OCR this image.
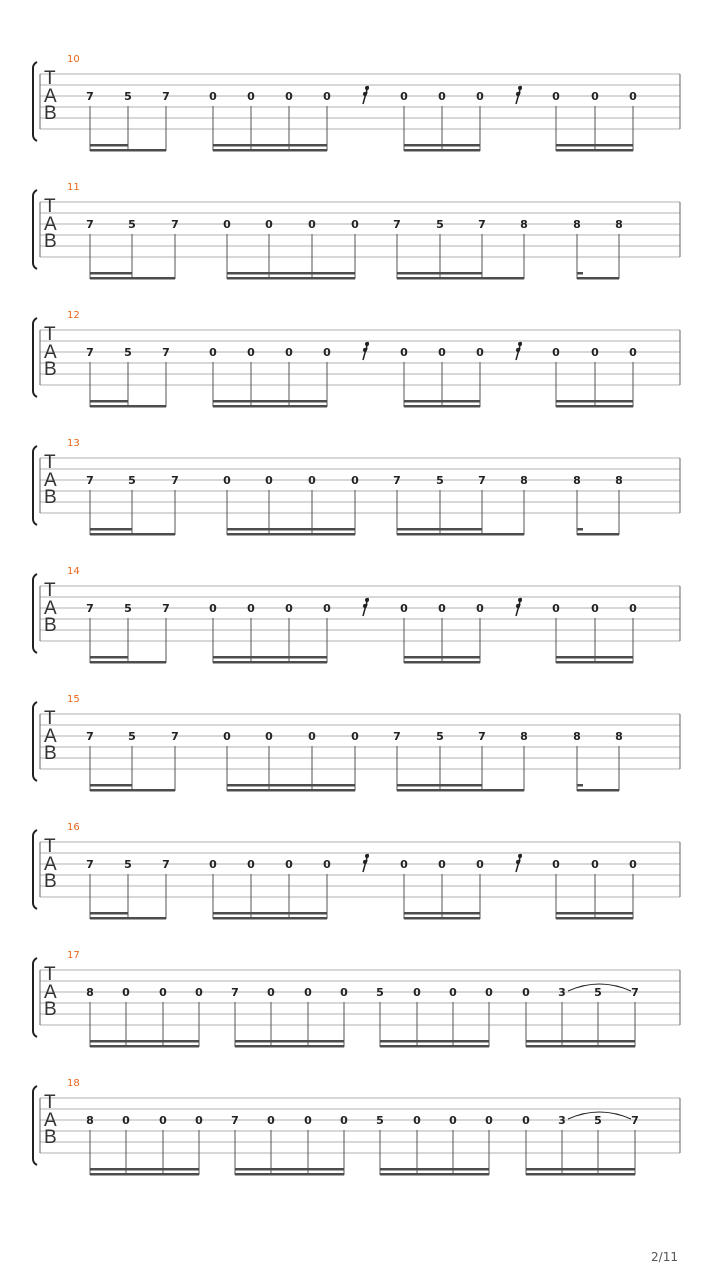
T
A
B
10
7	5	7	0	0	0	0	0	0	0	0	0	0
T
A
B
11
7	5	7	0	0	0	0	7	5	7	8	8	8
T
A
B
12
7	5	7	0	0	0	0	0	0	0	0	0	0
T
A
B
13
7	5	7	0	0	0	0	7	5	7	8	8	8
T
A
B
14
7	5	7	0	0	0	0	0	0	0	0	0	0
T
A
B
15
7	5	7	0	0	0	0	7	5	7	8	8	8
T
A
B
16
7	5	7	0	0	0	0	0	0	0	0	0	0
T
A
B
17
8	0	0	0	7	0	0	0	5	0	0	0	0	3	5	7
T
A
B
18
8	0	0	0	7	0	0	0	5	0	0	0	0	3	5	7
2/11
